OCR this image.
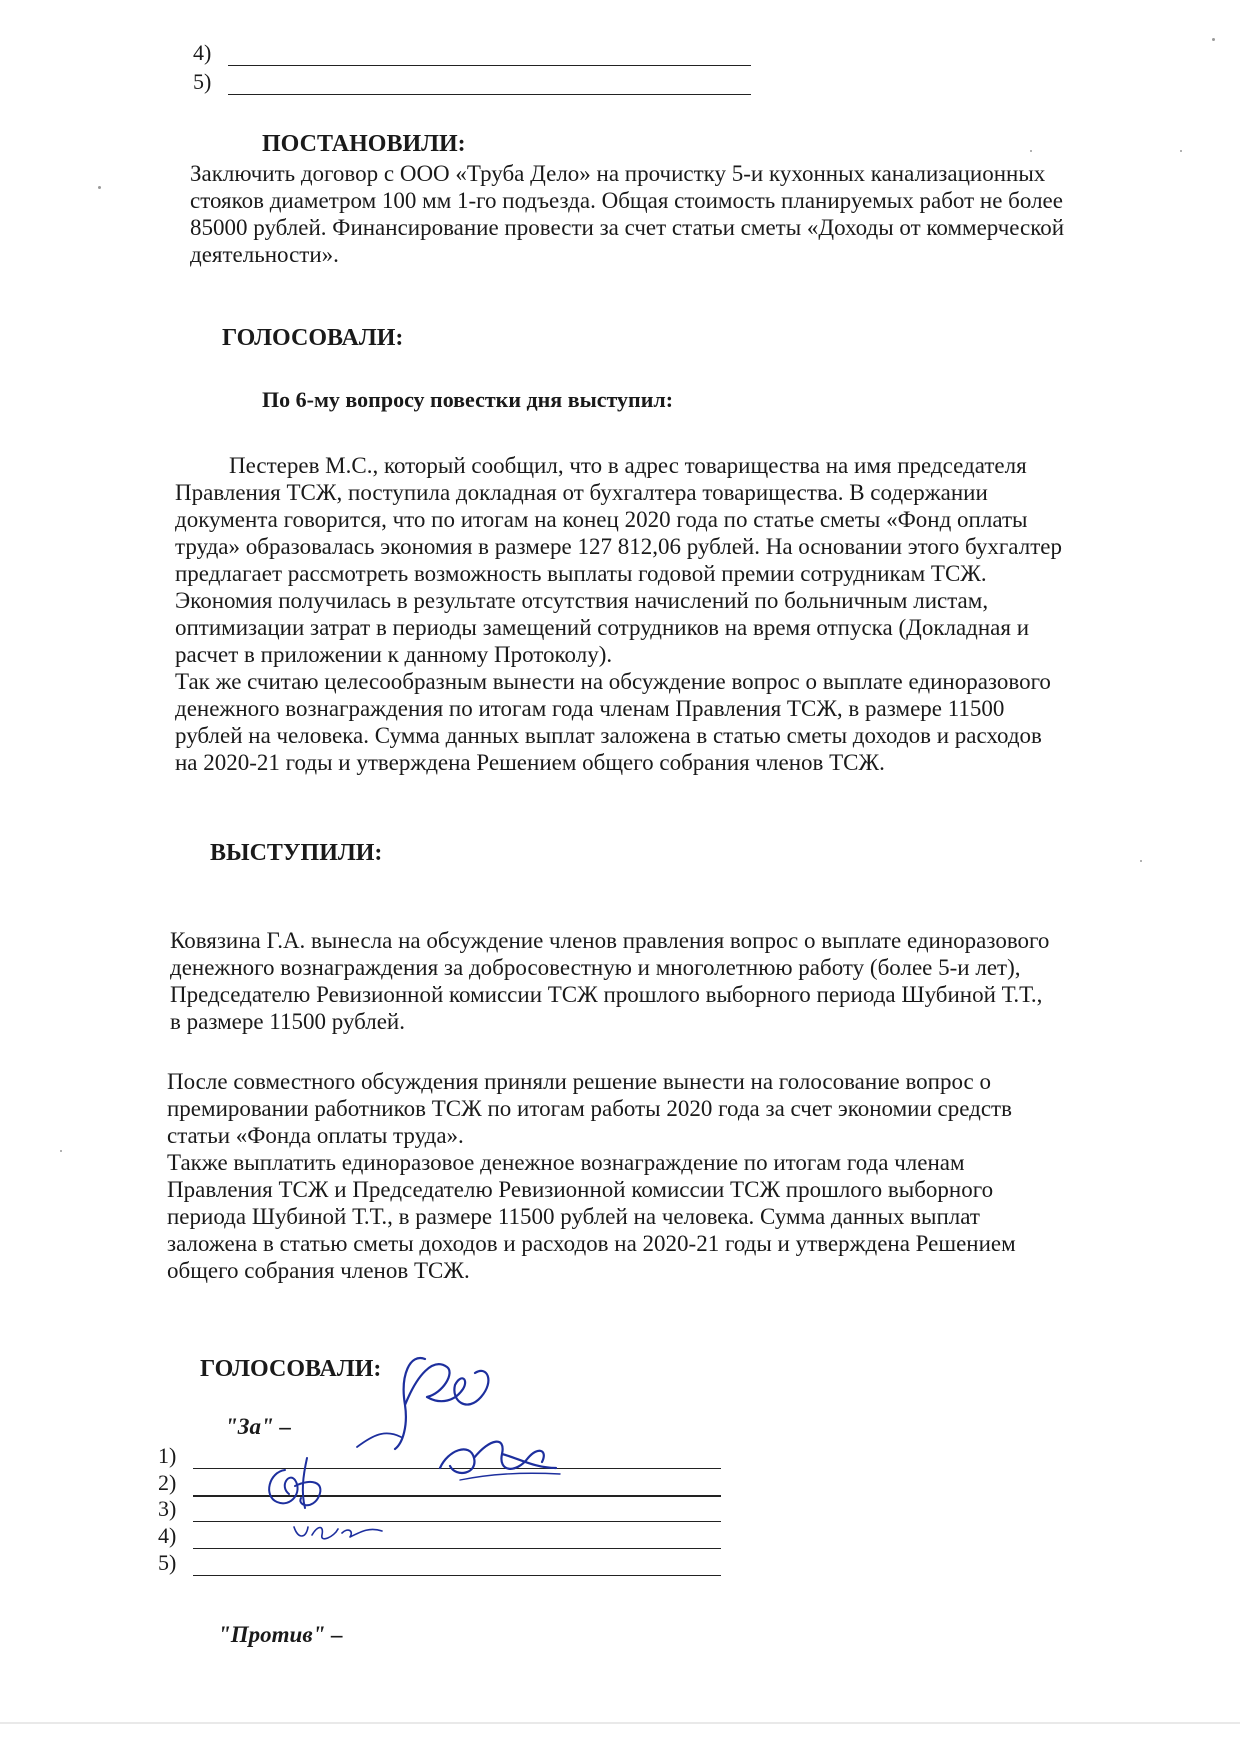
4)
5)
ПОСТАНОВИЛИ:
Заключить договор с ООО «Труба Дело» на прочистку 5-и кухонных канализационных
стояков диаметром 100 мм 1-го подъезда. Общая стоимость планируемых работ не более
85000 рублей. Финансирование провести за счет статьи сметы «Доходы от коммерческой
деятельности».
ГОЛОСОВАЛИ:
По 6-му вопросу повестки дня выступил:
Пестерев М.С., который сообщил, что в адрес товарищества на имя председателя
Правления ТСЖ, поступила докладная от бухгалтера товарищества. В содержании
документа говорится, что по итогам на конец 2020 года по статье сметы «Фонд оплаты
труда» образовалась экономия в размере 127 812,06 рублей. На основании этого бухгалтер
предлагает рассмотреть возможность выплаты годовой премии сотрудникам ТСЖ.
Экономия получилась в результате отсутствия начислений по больничным листам,
оптимизации затрат в периоды замещений сотрудников на время отпуска (Докладная и
расчет в приложении к данному Протоколу).
Так же считаю целесообразным вынести на обсуждение вопрос о выплате единоразового
денежного вознаграждения по итогам года членам Правления ТСЖ, в размере 11500
рублей на человека. Сумма данных выплат заложена в статью сметы доходов и расходов
на 2020-21 годы и утверждена Решением общего собрания членов ТСЖ.
ВЫСТУПИЛИ:
Ковязина Г.А. вынесла на обсуждение членов правления вопрос о выплате единоразового
денежного вознаграждения за добросовестную и многолетнюю работу (более 5-и лет),
Председателю Ревизионной комиссии ТСЖ прошлого выборного периода Шубиной Т.Т.,
в размере 11500 рублей.
После совместного обсуждения приняли решение вынести на голосование вопрос о
премировании работников ТСЖ по итогам работы 2020 года за счет экономии средств
статьи «Фонда оплаты труда».
Также выплатить единоразовое денежное вознаграждение по итогам года членам
Правления ТСЖ и Председателю Ревизионной комиссии ТСЖ прошлого выборного
периода Шубиной Т.Т., в размере 11500 рублей на человека. Сумма данных выплат
заложена в статью сметы доходов и расходов на 2020-21 годы и утверждена Решением
общего собрания членов ТСЖ.
ГОЛОСОВАЛИ:
"За" –
1)
2)
3)
4)
5)
"Против" –
